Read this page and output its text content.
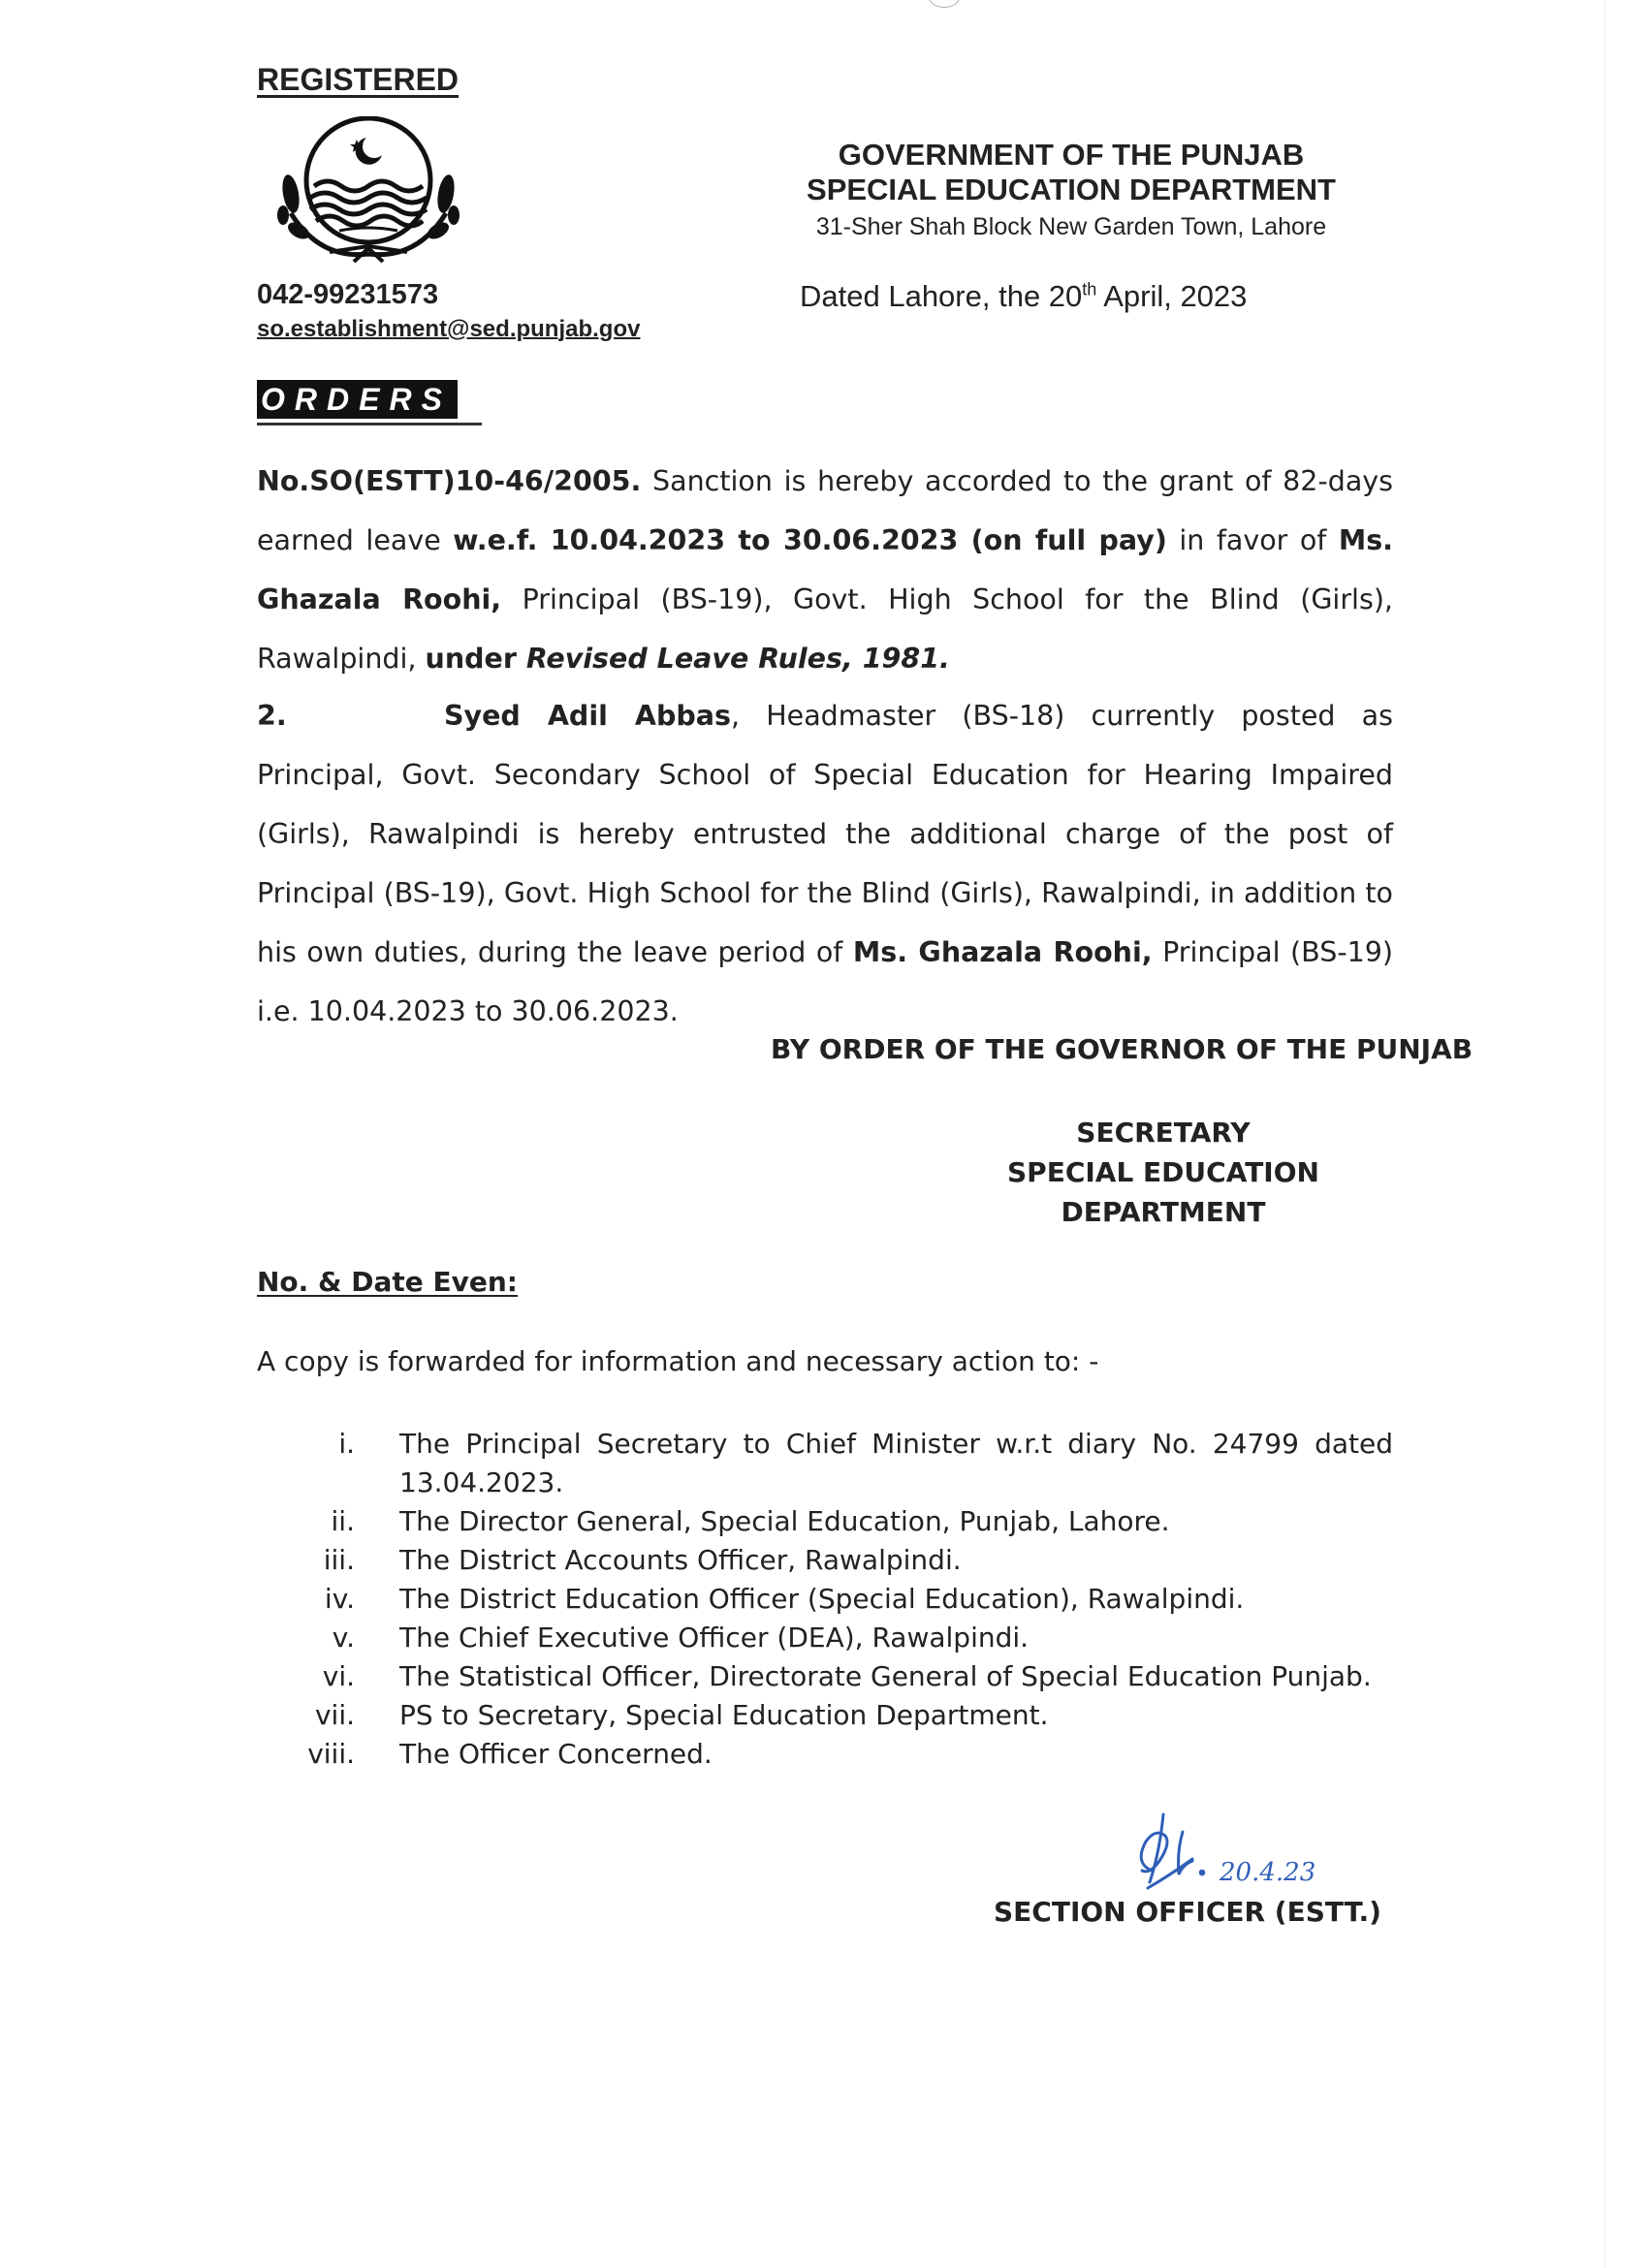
REGISTERED
042-99231573
so.establishment@sed.punjab.gov
GOVERNMENT OF THE PUNJAB
SPECIAL EDUCATION DEPARTMENT
31-Sher Shah Block New Garden Town, Lahore
Dated Lahore, the 20th April, 2023
ORDERS
No.SO(ESTT)10-46/2005. Sanction is hereby accorded to the grant of 82-days earned leave w.e.f. 10.04.2023 to 30.06.2023 (on full pay) in favor of Ms. Ghazala Roohi, Principal (BS-19), Govt. High School for the Blind (Girls), Rawalpindi, under Revised Leave Rules, 1981.
2.	Syed Adil Abbas, Headmaster (BS-18) currently posted as Principal, Govt. Secondary School of Special Education for Hearing Impaired (Girls), Rawalpindi is hereby entrusted the additional charge of the post of Principal (BS-19), Govt. High School for the Blind (Girls), Rawalpindi, in addition to his own duties, during the leave period of Ms. Ghazala Roohi, Principal (BS-19) i.e. 10.04.2023 to 30.06.2023.
BY ORDER OF THE GOVERNOR OF THE PUNJAB
SECRETARY
SPECIAL EDUCATION
DEPARTMENT
No. & Date Even:
A copy is forwarded for information and necessary action to: -
i.	The Principal Secretary to Chief Minister w.r.t diary No. 24799 dated 13.04.2023.
ii.	The Director General, Special Education, Punjab, Lahore.
iii.	The District Accounts Officer, Rawalpindi.
iv.	The District Education Officer (Special Education), Rawalpindi.
v.	The Chief Executive Officer (DEA), Rawalpindi.
vi.	The Statistical Officer, Directorate General of Special Education Punjab.
vii.	PS to Secretary, Special Education Department.
viii.	The Officer Concerned.
20.4.23
SECTION OFFICER (ESTT.)
